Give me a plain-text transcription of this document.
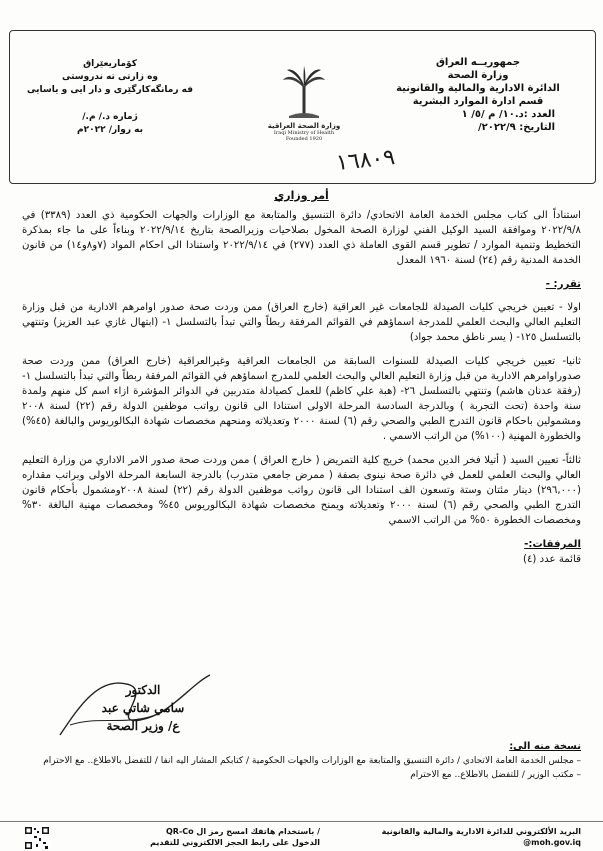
جمهوريــه العراق
وزارة الصحة
الدائرة الادارية والمالية والقانونية
قسم ادارة الموارد البشرية
العدد :د.١٠/ م /٥/ ١
التاريخ: ٢٠٢٢/٩/
وزارة الصحة العراقية
Iraqi Ministry of Health
Founded 1920
كۆماریعێراق
وه زارتى ته ندروستى
فه رمانگەكارگێرى و دار ايى و ياسايى
ژماره د./ م./
به روار/ ٢٠٢٢م
١٦٨٠٩
أمر وزاري

استناداً الى كتاب مجلس الخدمة العامة الاتحادي/ دائرة التنسيق والمتابعة مع الوزارات والجهات الحكومية ذي العدد (٣٣٨٩) في ٢٠٢٢/٩/٨ وموافقة السيد الوكيل الفني لوزارة الصحة المخول بصلاحيات وزيرالصحة بتاريخ ٢٠٢٢/٩/١٤ وبناءاً على ما جاء بمذكرة التخطيط وتنمية الموارد / تطوير قسم القوى العاملة ذي العدد (٢٧٧) في ٢٠٢٢/٩/١٤ واستنادا الى احكام المواد (٧و٨و١٤) من قانون الخدمة المدنية رقم (٢٤) لسنة ١٩٦٠ المعدل

تقرر: -

اولا - تعيين خريجي كليات الصيدلة للجامعات غير العراقية (خارج العراق) ممن وردت صحة صدور اوامرهم الادارية من قبل وزارة التعليم العالي والبحث العلمي للمدرجة اسماؤهم في القوائم المرفقة ربطاً والتي تبدأ بالتسلسل ١- (ابتهال غازي عبد العزيز) وتنتهي بالتسلسل ١٢٥- ( يسر ناطق محمد جواد)

ثانيا- تعيين خريجي كليات الصيدلة للسنوات السابقة من الجامعات العراقية وغيرالعراقية (خارج العراق) ممن وردت صحة صدوراوامرهم الادارية من قبل وزارة التعليم العالي والبحث العلمي للمدرج اسماؤهم في القوائم المرفقة ربطاً والتي تبدأ بالتسلسل ١- (رفقة عدنان هاشم) وتنتهي بالتسلسل ٢٦- (هبة علي كاظم) للعمل كصيادلة متدربين في الدوائر المؤشرة ازاء اسم كل منهم ولمدة سنة واحدة (تحت التجربة ) وبالدرجة السادسة المرحلة الاولى استنادا الى قانون رواتب موظفين الدولة رقم (٢٢) لسنة ٢٠٠٨ ومشمولين باحكام قانون التدرج الطبي والصحي رقم (٦) لسنة ٢٠٠٠ وتعديلاته ومنحهم مخصصات شهادة البكالوريوس والبالغة (٤٥%) والخطورة المهنية (١٠٠%) من الراتب الاسمي .

ثالثاً- تعيين السيد ( أتيلا فخر الدين محمد) خريج كلية التمريض ( خارج العراق ) ممن وردت صحة صدور الامر الاداري من وزارة التعليم العالي والبحث العلمي للعمل في دائرة صحة نينوى بصفة ( ممرض جامعي متدرب) بالدرجة السابعة المرحلة الاولى وبراتب مقداره (٢٩٦,٠٠٠) دينار مئتان وستة وتسعون الف استنادا الى قانون رواتب موظفين الدولة رقم (٢٢) لسنة ٢٠٠٨ومشمول بأحكام قانون التدرج الطبي والصحي رقم (٦) لسنة ٢٠٠٠ وتعديلاته ويمنح مخصصات شهادة البكالوريوس ٤٥% ومخصصات مهنية البالغة ٣٠% ومخصصات الخطورة ٥٠% من الراتب الاسمي

المرفقات:-
قائمة عدد (٤)
الدكتور
سامي شاتي عبد
ع/ وزير الصحة
نسخة منه الى:
– مجلس الخدمة العامة الاتحادي / دائرة التنسيق والمتابعة مع الوزارات والجهات الحكومية / كتابكم المشار اليه انفا / للتفضل بالاطلاع.. مع الاحترام
– مكتب الوزير / للتفضل بالاطلاع.. مع الاحترام
البريد الألكتروني للدائرة الادارية والمالية والقانونية
@moh.gov.iq
/ باستخدام هاتفك امسح رمز ال QR-Co
الدخول على رابط الحجز الالكتروني للتقديم
